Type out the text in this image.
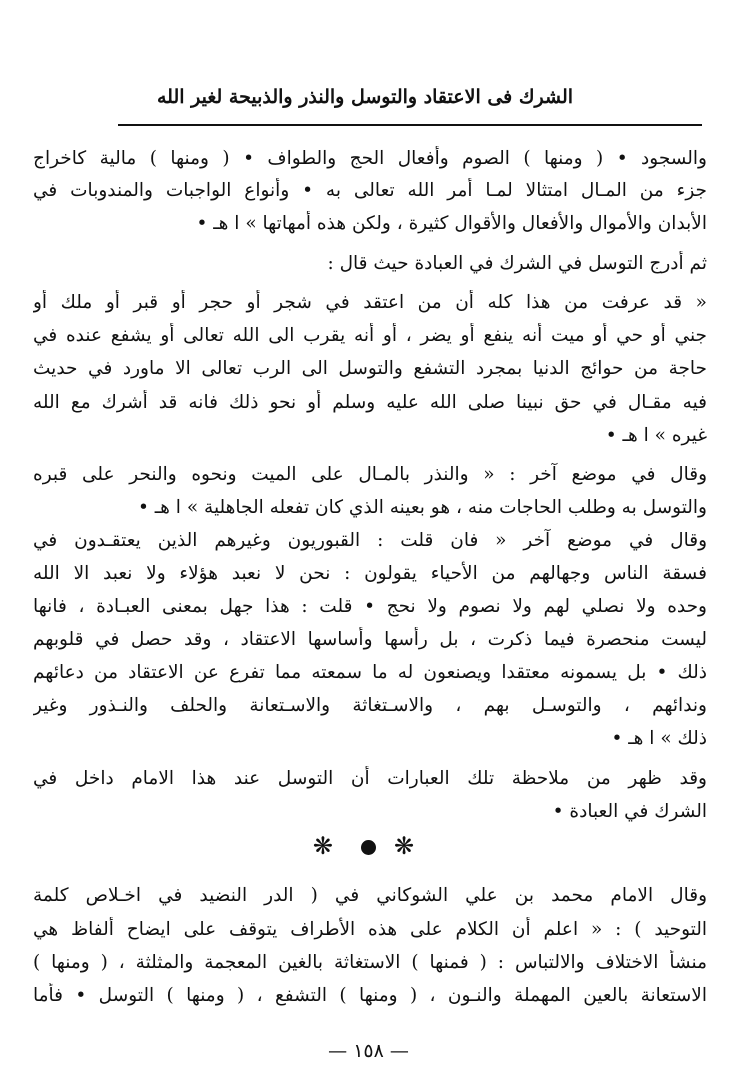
الشرك فى الاعتقاد والتوسل والنذر والذبيحة لغير الله
والسجود • ( ومنها ) الصوم وأفعال الحج والطواف • ( ومنها ) مالية كاخراج
جزء من المـال امتثالا لمـا أمر الله تعالى به • وأنواع الواجبات والمندوبات في
الأبدان والأموال والأفعال والأقوال كثيرة ، ولكن هذه أمهاتها » ا هـ •
ثم أدرج التوسل في الشرك في العبادة حيث قال :
« قد عرفت من هذا كله أن من اعتقد في شجر أو حجر أو قبر أو ملك أو
جني أو حي أو ميت أنه ينفع أو يضر ، أو أنه يقرب الى الله تعالى أو يشفع عنده في
حاجة من حوائج الدنيا بمجرد التشفع والتوسل الى الرب تعالى الا ماورد في حديث
فيه مقـال في حق نبينا صلى الله عليه وسلم أو نحو ذلك فانه قد أشرك مع الله
غيره » ا هـ •
وقال في موضع آخر : « والنذر بالمـال على الميت ونحوه والنحر على قبره
والتوسل به وطلب الحاجات منه ، هو بعينه الذي كان تفعله الجاهلية » ا هـ •
وقال في موضع آخر « فان قلت : القبوريون وغيرهم الذين يعتقـدون في
فسقة الناس وجهالهم من الأحياء يقولون : نحن لا نعبد هؤلاء ولا نعبد الا الله
وحده ولا نصلي لهم ولا نصوم ولا نحج • قلت : هذا جهل بمعنى العبـادة ، فانها
ليست منحصرة فيما ذكرت ، بل رأسها وأساسها الاعتقاد ، وقد حصل في قلوبهم
ذلك • بل يسمونه معتقدا ويصنعون له ما سمعته مما تفرع عن الاعتقاد من دعائهم
وندائهم ، والتوسـل بهم ، والاسـتغاثة والاسـتعانة والحلف والنـذور وغير
ذلك » ا هـ •
وقد ظهر من ملاحظة تلك العبارات أن التوسل عند هذا الامام داخل في
الشرك في العبادة •
❋ ❋
وقال الامام محمد بن علي الشوكاني في ( الدر النضيد في اخـلاص كلمة
التوحيد ) : « اعلم أن الكلام على هذه الأطراف يتوقف على ايضاح ألفاظ هي
منشأ الاختلاف والالتباس : ( فمنها ) الاستغاثة بالغين المعجمة والمثلثة ، ( ومنها )
الاستعانة بالعين المهملة والنـون ، ( ومنها ) التشفع ، ( ومنها ) التوسل • فأما
— ١٥٨ —
